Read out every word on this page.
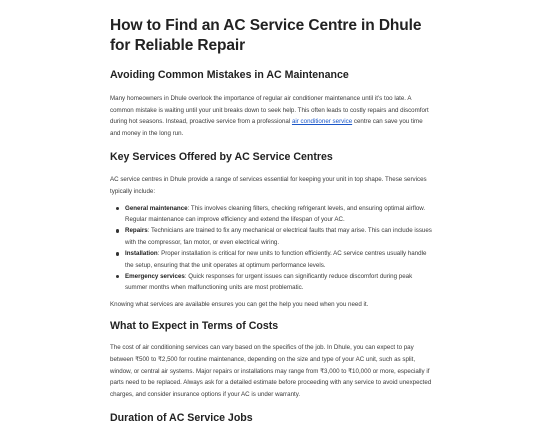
How to Find an AC Service Centre in Dhule for Reliable Repair
Avoiding Common Mistakes in AC Maintenance

Many homeowners in Dhule overlook the importance of regular air conditioner maintenance until it’s too late. A common mistake is waiting until your unit breaks down to seek help. This often leads to costly repairs and discomfort during hot seasons. Instead, proactive service from a professional air conditioner service centre can save you time and money in the long run.

Key Services Offered by AC Service Centres

AC service centres in Dhule provide a range of services essential for keeping your unit in top shape. These services typically include:

General maintenance: This involves cleaning filters, checking refrigerant levels, and ensuring optimal airflow. Regular maintenance can improve efficiency and extend the lifespan of your AC.
Repairs: Technicians are trained to fix any mechanical or electrical faults that may arise. This can include issues with the compressor, fan motor, or even electrical wiring.
Installation: Proper installation is critical for new units to function efficiently. AC service centres usually handle the setup, ensuring that the unit operates at optimum performance levels.
Emergency services: Quick responses for urgent issues can significantly reduce discomfort during peak summer months when malfunctioning units are most problematic.

Knowing what services are available ensures you can get the help you need when you need it.

What to Expect in Terms of Costs

The cost of air conditioning services can vary based on the specifics of the job. In Dhule, you can expect to pay between ₹500 to ₹2,500 for routine maintenance, depending on the size and type of your AC unit, such as split, window, or central air systems. Major repairs or installations may range from ₹3,000 to ₹10,000 or more, especially if parts need to be replaced. Always ask for a detailed estimate before proceeding with any service to avoid unexpected charges, and consider insurance options if your AC is under warranty.

Duration of AC Service Jobs
